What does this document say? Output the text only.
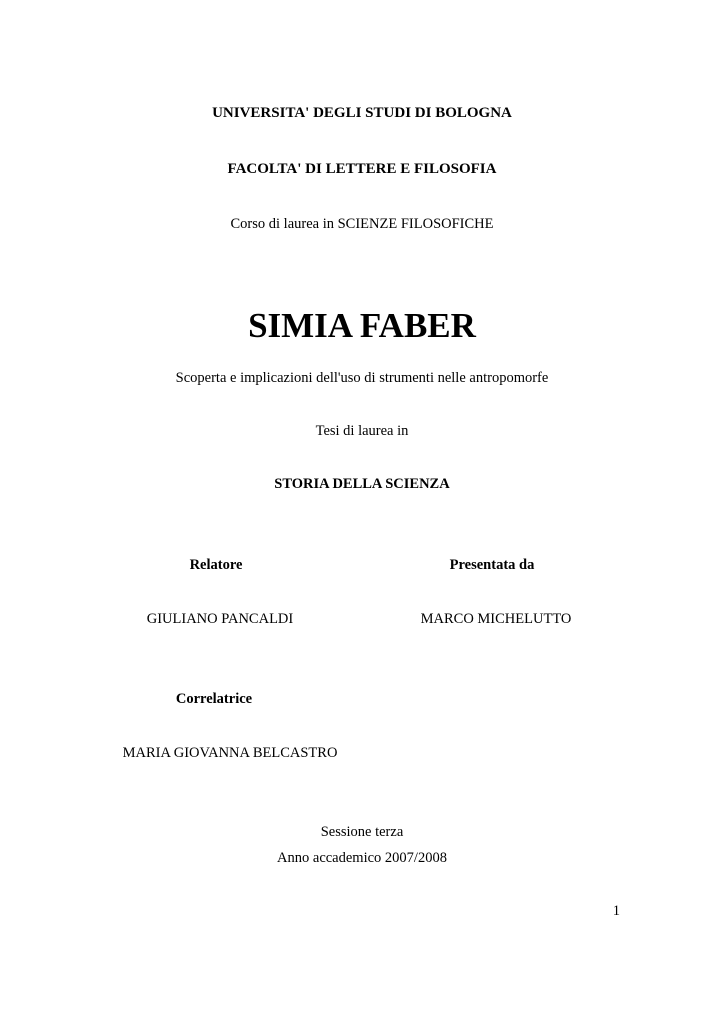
UNIVERSITA' DEGLI STUDI DI BOLOGNA
FACOLTA' DI LETTERE E FILOSOFIA
Corso di laurea in SCIENZE FILOSOFICHE
SIMIA FABER
Scoperta e implicazioni dell'uso di strumenti nelle antropomorfe
Tesi di laurea in
STORIA DELLA SCIENZA
Relatore	Presentata da
GIULIANO PANCALDI	MARCO MICHELUTTO
Correlatrice
MARIA GIOVANNA BELCASTRO
Sessione terza
Anno accademico 2007/2008
1
